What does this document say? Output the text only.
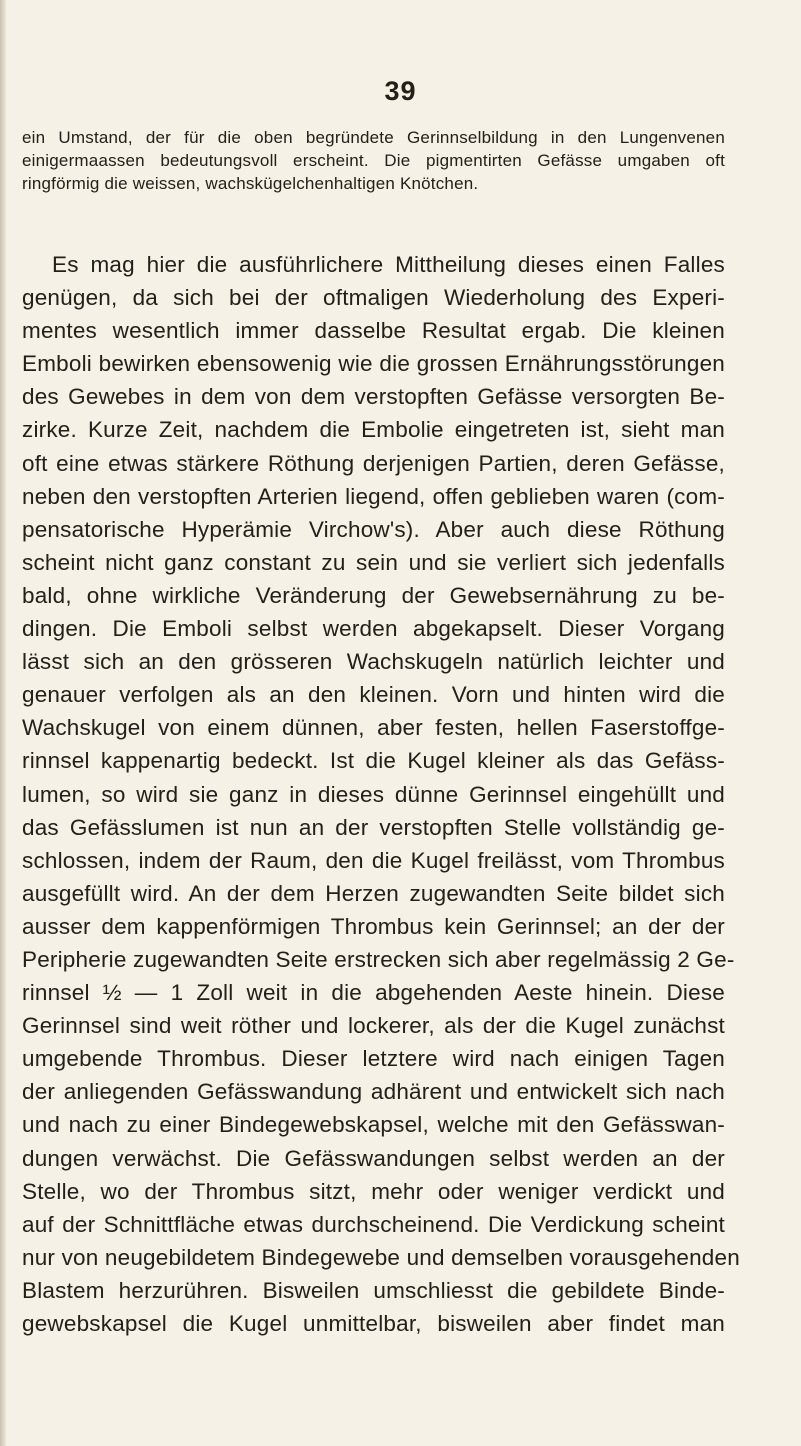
39
ein Umstand, der für die oben begründete Gerinnselbildung in den Lungenvenen
einigermaassen bedeutungsvoll erscheint. Die pigmentirten Gefässe umgaben oft
ringförmig die weissen, wachskügelchenhaltigen Knötchen.
Es mag hier die ausführlichere Mittheilung dieses einen Falles
genügen, da sich bei der oftmaligen Wiederholung des Experi-
mentes wesentlich immer dasselbe Resultat ergab. Die kleinen
Emboli bewirken ebensowenig wie die grossen Ernährungsstörungen
des Gewebes in dem von dem verstopften Gefässe versorgten Be-
zirke. Kurze Zeit, nachdem die Embolie eingetreten ist, sieht man
oft eine etwas stärkere Röthung derjenigen Partien, deren Gefässe,
neben den verstopften Arterien liegend, offen geblieben waren (com-
pensatorische Hyperämie Virchow's). Aber auch diese Röthung
scheint nicht ganz constant zu sein und sie verliert sich jedenfalls
bald, ohne wirkliche Veränderung der Gewebsernährung zu be-
dingen. Die Emboli selbst werden abgekapselt. Dieser Vorgang
lässt sich an den grösseren Wachskugeln natürlich leichter und
genauer verfolgen als an den kleinen. Vorn und hinten wird die
Wachskugel von einem dünnen, aber festen, hellen Faserstoffge-
rinnsel kappenartig bedeckt. Ist die Kugel kleiner als das Gefäss-
lumen, so wird sie ganz in dieses dünne Gerinnsel eingehüllt und
das Gefässlumen ist nun an der verstopften Stelle vollständig ge-
schlossen, indem der Raum, den die Kugel freilässt, vom Thrombus
ausgefüllt wird. An der dem Herzen zugewandten Seite bildet sich
ausser dem kappenförmigen Thrombus kein Gerinnsel; an der der
Peripherie zugewandten Seite erstrecken sich aber regelmässig 2 Ge-
rinnsel ½ — 1 Zoll weit in die abgehenden Aeste hinein. Diese
Gerinnsel sind weit röther und lockerer, als der die Kugel zunächst
umgebende Thrombus. Dieser letztere wird nach einigen Tagen
der anliegenden Gefässwandung adhärent und entwickelt sich nach
und nach zu einer Bindegewebskapsel, welche mit den Gefässwan-
dungen verwächst. Die Gefässwandungen selbst werden an der
Stelle, wo der Thrombus sitzt, mehr oder weniger verdickt und
auf der Schnittfläche etwas durchscheinend. Die Verdickung scheint
nur von neugebildetem Bindegewebe und demselben vorausgehenden
Blastem herzurühren. Bisweilen umschliesst die gebildete Binde-
gewebskapsel die Kugel unmittelbar, bisweilen aber findet man
